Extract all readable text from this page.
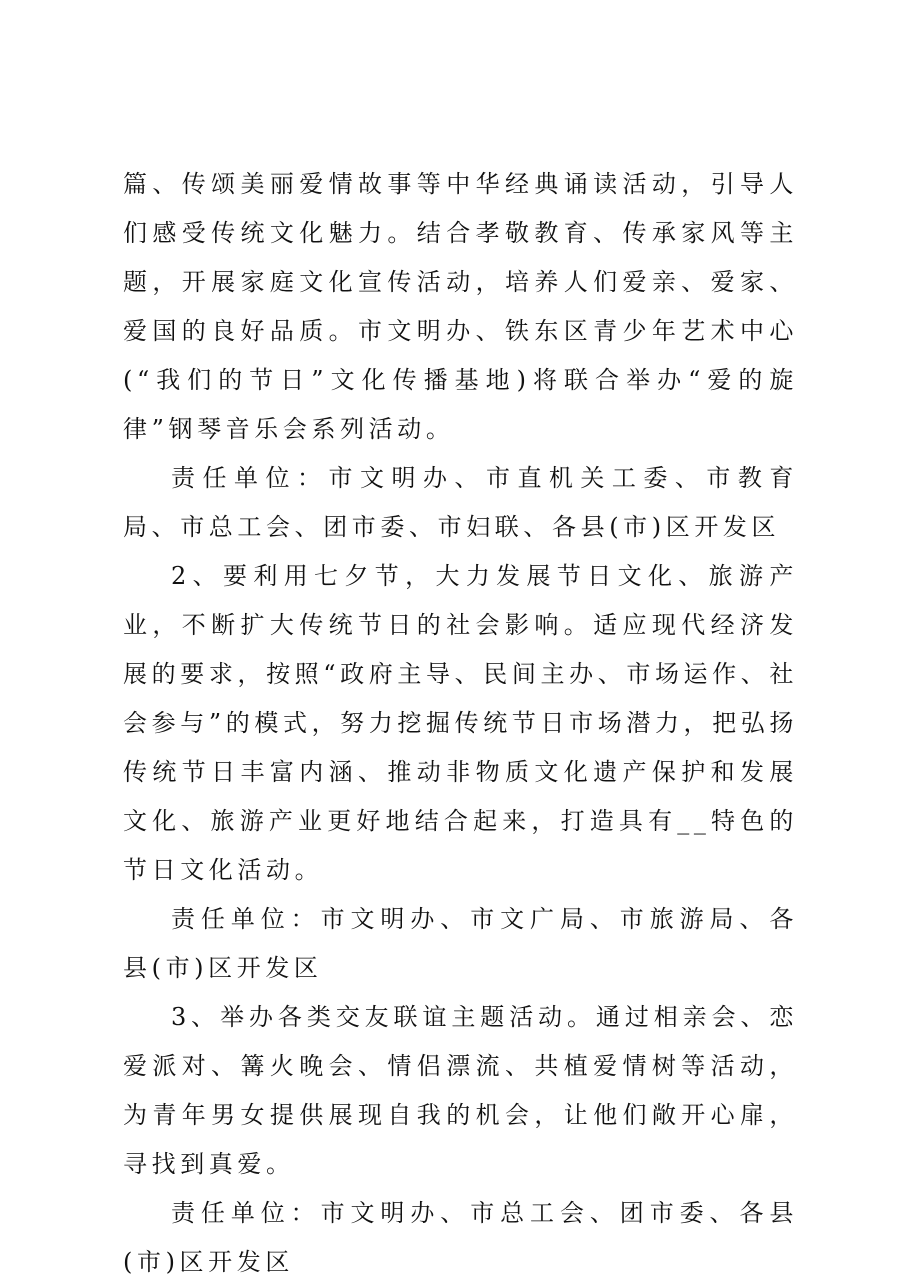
篇、传颂美丽爱情故事等中华经典诵读活动，引导人们感受传统文化魅力。结合孝敬教育、传承家风等主题，开展家庭文化宣传活动，培养人们爱亲、爱家、爱国的良好品质。市文明办、铁东区青少年艺术中心(“我们的节日”文化传播基地)将联合举办“爱的旋律”钢琴音乐会系列活动。

责任单位：市文明办、市直机关工委、市教育局、市总工会、团市委、市妇联、各县(市)区开发区

2、要利用七夕节，大力发展节日文化、旅游产业，不断扩大传统节日的社会影响。适应现代经济发展的要求，按照“政府主导、民间主办、市场运作、社会参与”的模式，努力挖掘传统节日市场潜力，把弘扬传统节日丰富内涵、推动非物质文化遗产保护和发展文化、旅游产业更好地结合起来，打造具有__特色的节日文化活动。

责任单位：市文明办、市文广局、市旅游局、各县(市)区开发区

3、举办各类交友联谊主题活动。通过相亲会、恋爱派对、篝火晚会、情侣漂流、共植爱情树等活动，为青年男女提供展现自我的机会，让他们敞开心扉，寻找到真爱。

责任单位：市文明办、市总工会、团市委、各县(市)区开发区
